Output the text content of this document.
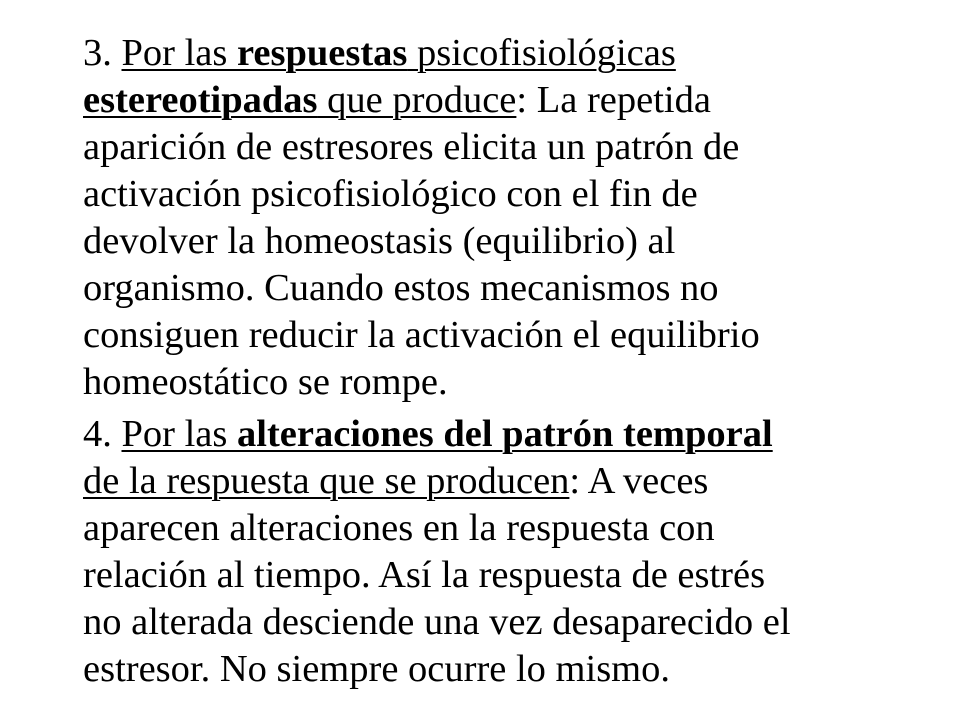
3. Por las respuestas psicofisiológicas
estereotipadas que produce: La repetida
aparición de estresores elicita un patrón de
activación psicofisiológico con el fin de
devolver la homeostasis (equilibrio) al
organismo. Cuando estos mecanismos no
consiguen reducir la activación el equilibrio
homeostático se rompe.
4. Por las alteraciones del patrón temporal
de la respuesta que se producen: A veces
aparecen alteraciones en la respuesta con
relación al tiempo. Así la respuesta de estrés
no alterada desciende una vez desaparecido el
estresor. No siempre ocurre lo mismo.
